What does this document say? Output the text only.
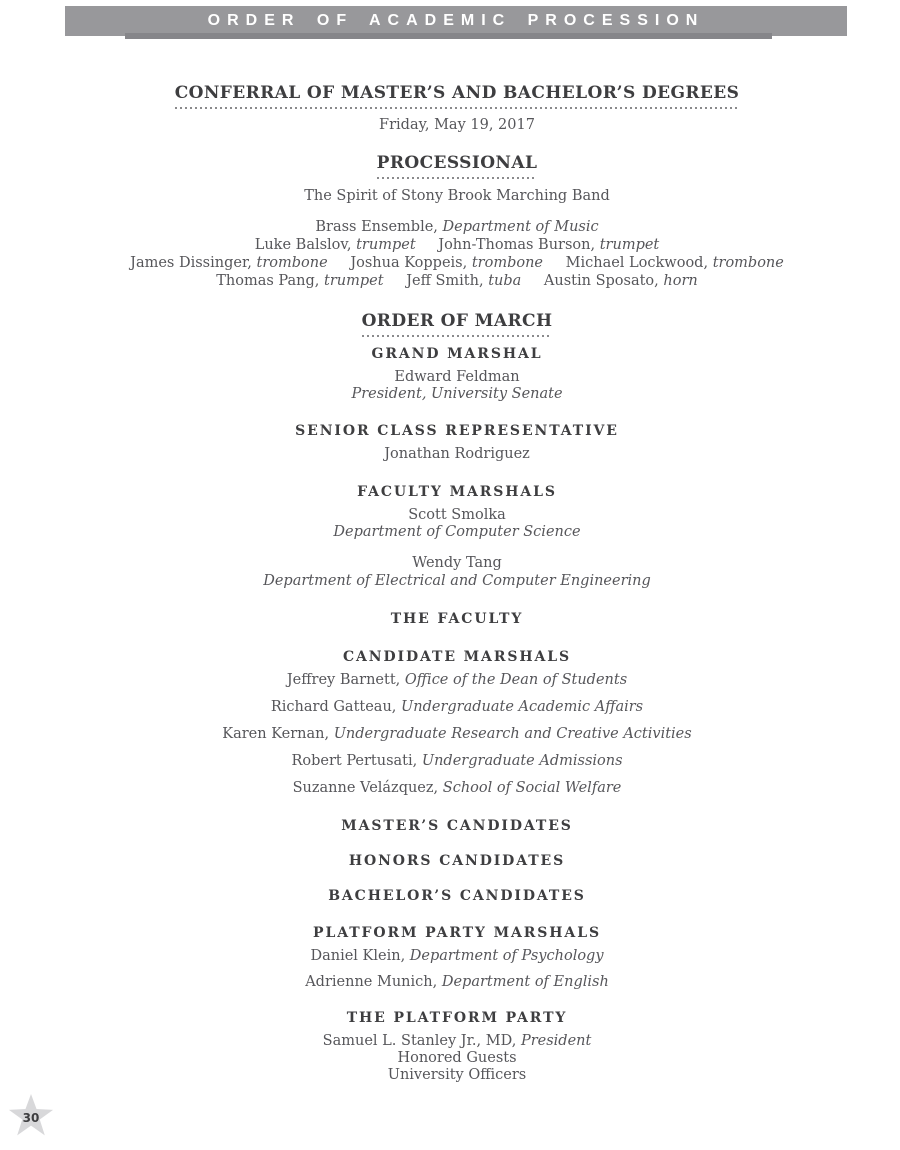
ORDER OF ACADEMIC PROCESSION
CONFERRAL OF MASTER’S AND BACHELOR’S DEGREES
Friday, May 19, 2017
PROCESSIONAL
The Spirit of Stony Brook Marching Band
Brass Ensemble, Department of Music
Luke Balslov, trumpet John-Thomas Burson, trumpet
James Dissinger, trombone Joshua Koppeis, trombone Michael Lockwood, trombone
Thomas Pang, trumpet Jeff Smith, tuba Austin Sposato, horn
ORDER OF MARCH
GRAND MARSHAL
Edward Feldman
President, University Senate
SENIOR CLASS REPRESENTATIVE
Jonathan Rodriguez
FACULTY MARSHALS
Scott Smolka
Department of Computer Science
Wendy Tang
Department of Electrical and Computer Engineering
THE FACULTY
CANDIDATE MARSHALS
Jeffrey Barnett, Office of the Dean of Students
Richard Gatteau, Undergraduate Academic Affairs
Karen Kernan, Undergraduate Research and Creative Activities
Robert Pertusati, Undergraduate Admissions
Suzanne Velázquez, School of Social Welfare
MASTER’S CANDIDATES
HONORS CANDIDATES
BACHELOR’S CANDIDATES
PLATFORM PARTY MARSHALS
Daniel Klein, Department of Psychology
Adrienne Munich, Department of English
THE PLATFORM PARTY
Samuel L. Stanley Jr., MD, President
Honored Guests
University Officers
30
